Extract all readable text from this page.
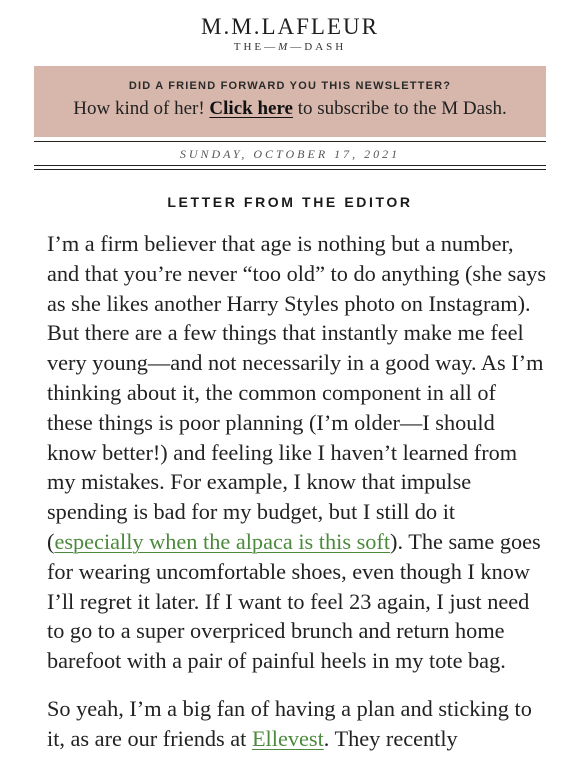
M.M.LAFLEUR
THE—M—DASH
DID A FRIEND FORWARD YOU THIS NEWSLETTER?
How kind of her! Click here to subscribe to the M Dash.
SUNDAY, OCTOBER 17, 2021
LETTER FROM THE EDITOR

I’m a firm believer that age is nothing but a number, and that you’re never “too old” to do anything (she says as she likes another Harry Styles photo on Instagram). But there are a few things that instantly make me feel very young—and not necessarily in a good way. As I’m thinking about it, the common component in all of these things is poor planning (I’m older—I should know better!) and feeling like I haven’t learned from my mistakes. For example, I know that impulse spending is bad for my budget, but I still do it (especially when the alpaca is this soft). The same goes for wearing uncomfortable shoes, even though I know I’ll regret it later. If I want to feel 23 again, I just need to go to a super overpriced brunch and return home barefoot with a pair of painful heels in my tote bag.

So yeah, I’m a big fan of having a plan and sticking to it, as are our friends at Ellevest. They recently
